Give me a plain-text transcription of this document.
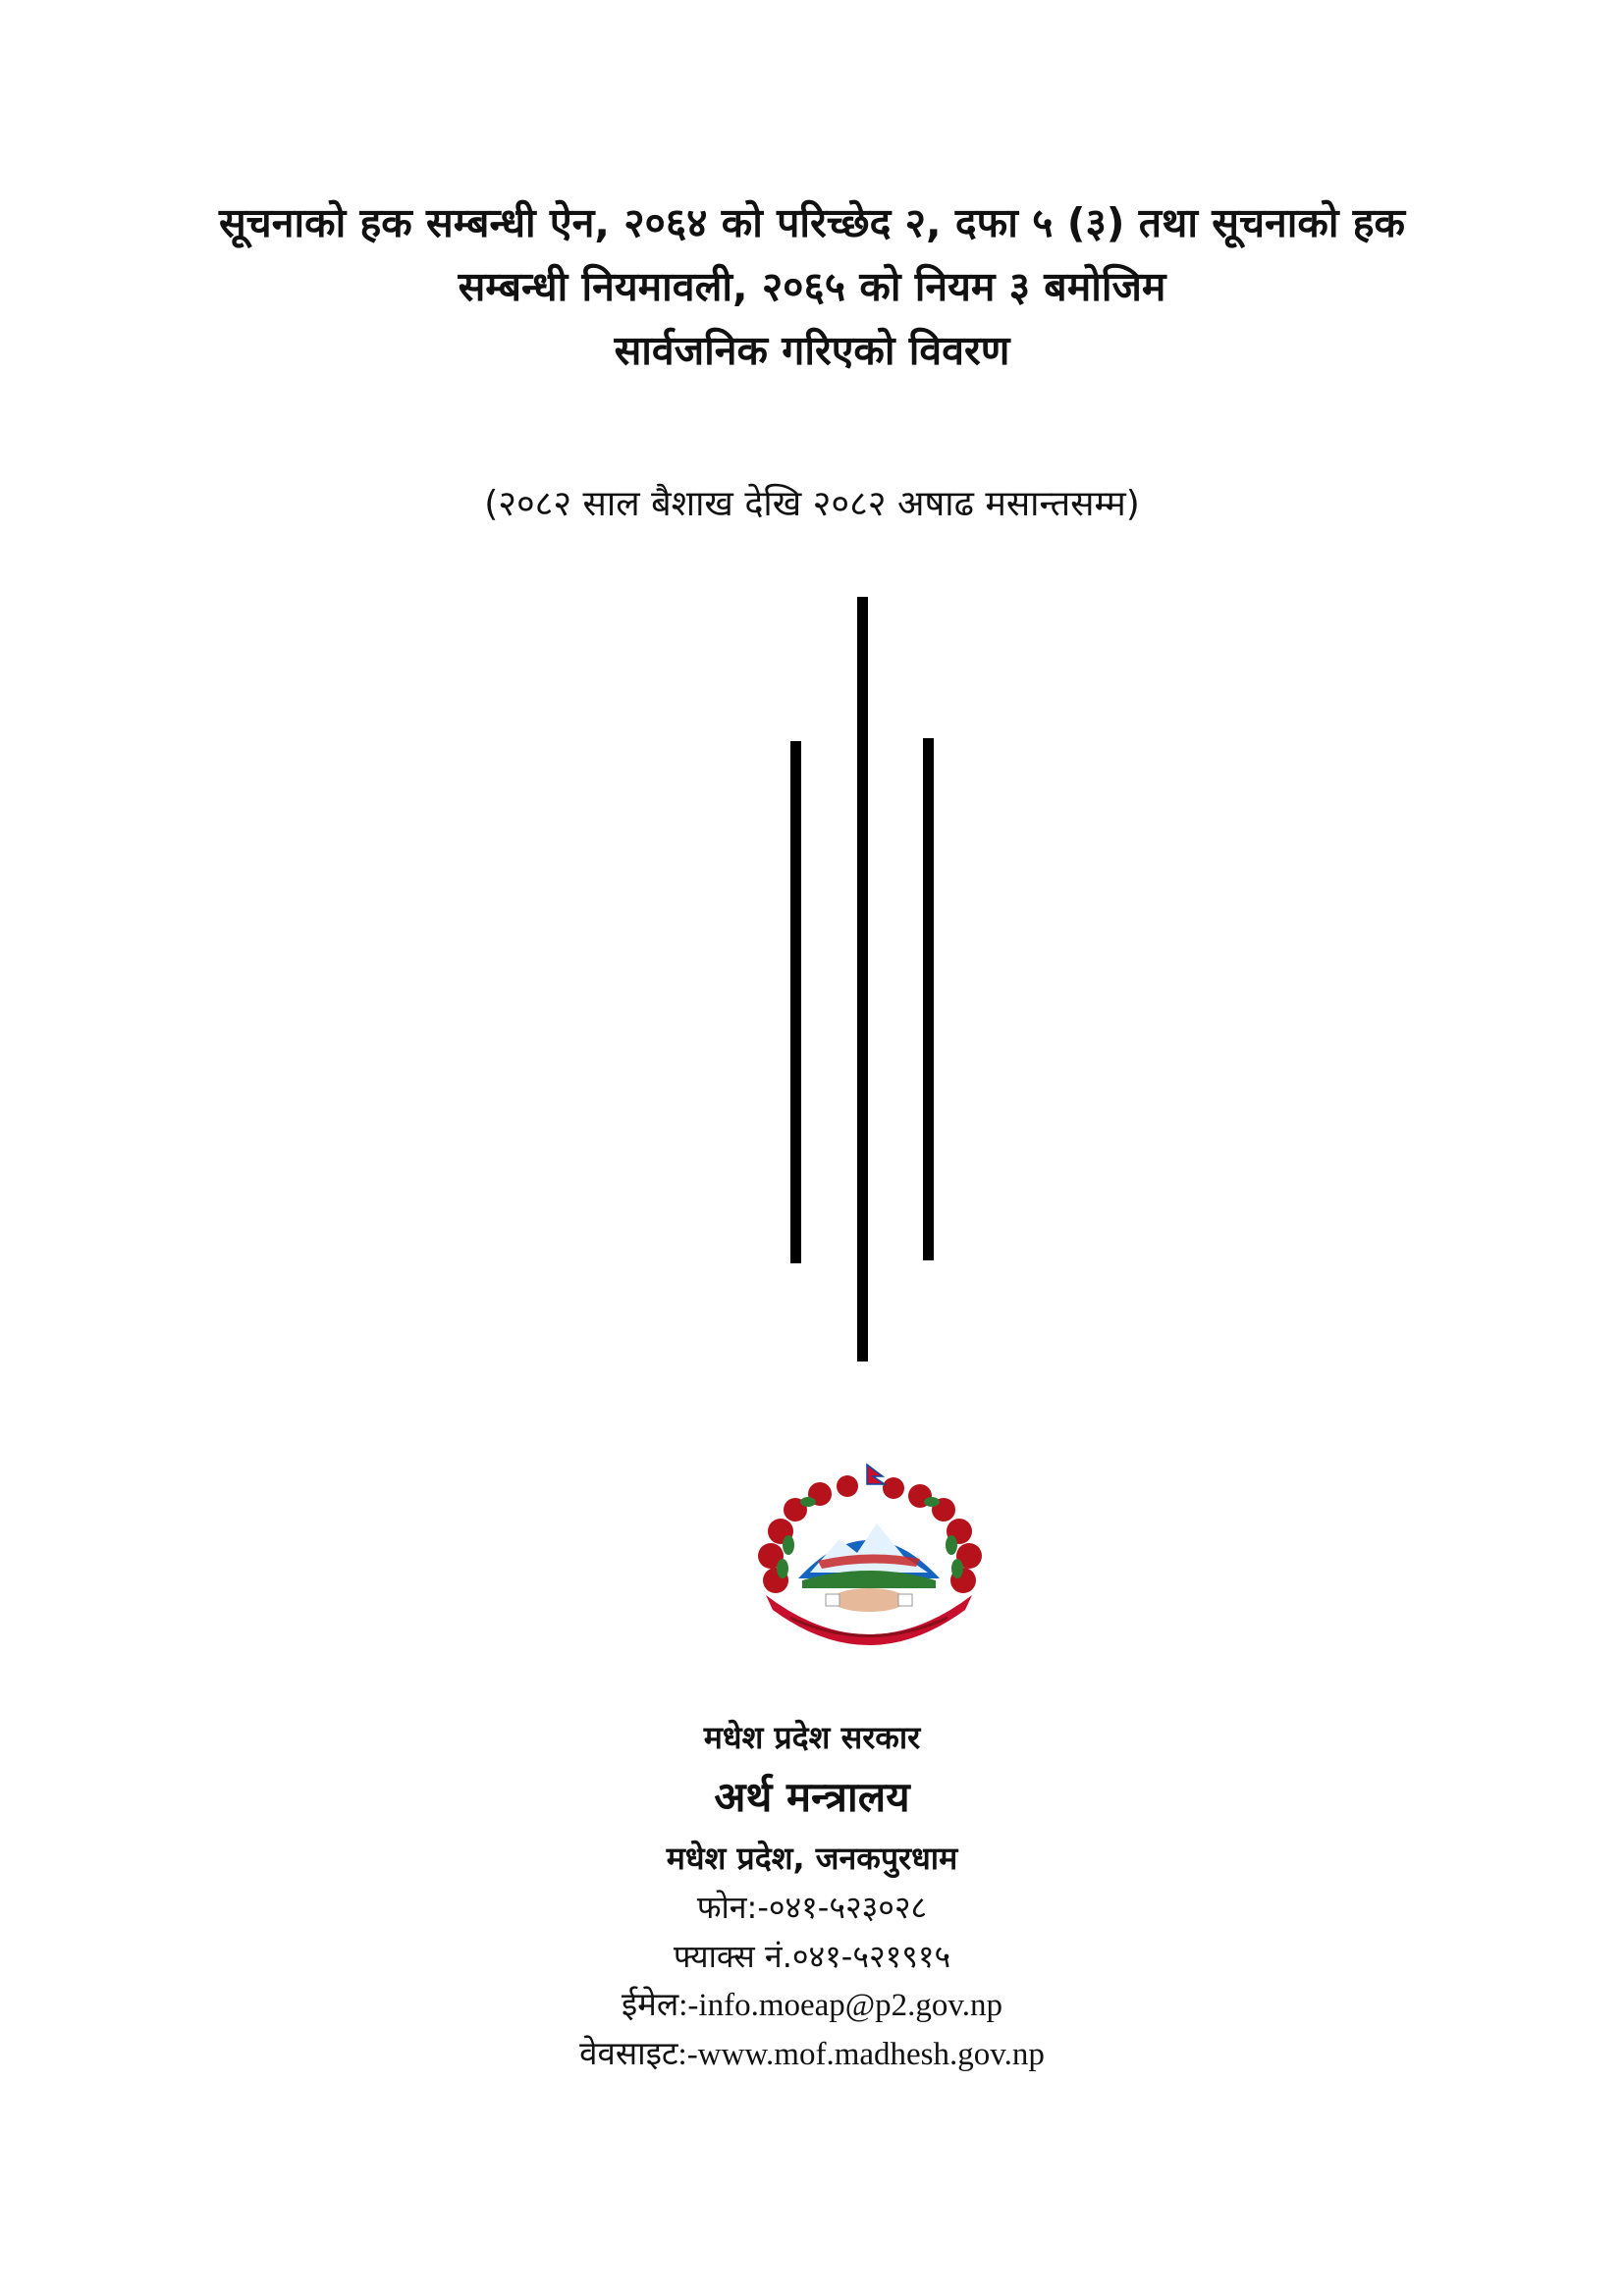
सूचनाको हक सम्बन्धी ऐन, २०६४ को परिच्छेद २, दफा ५ (३) तथा सूचनाको हक
सम्बन्धी नियमावली, २०६५ को नियम ३ बमोजिम
सार्वजनिक गरिएको विवरण
(२०८२ साल बैशाख देखि २०८२ अषाढ मसान्तसम्म)
मधेश प्रदेश सरकार
अर्थ मन्त्रालय
मधेश प्रदेश, जनकपुरधाम
फोन:-०४१-५२३०२८
फ्याक्स नं.०४१-५२१९१५
ईमेल:-info.moeap@p2.gov.np
वेवसाइट:-www.mof.madhesh.gov.np
